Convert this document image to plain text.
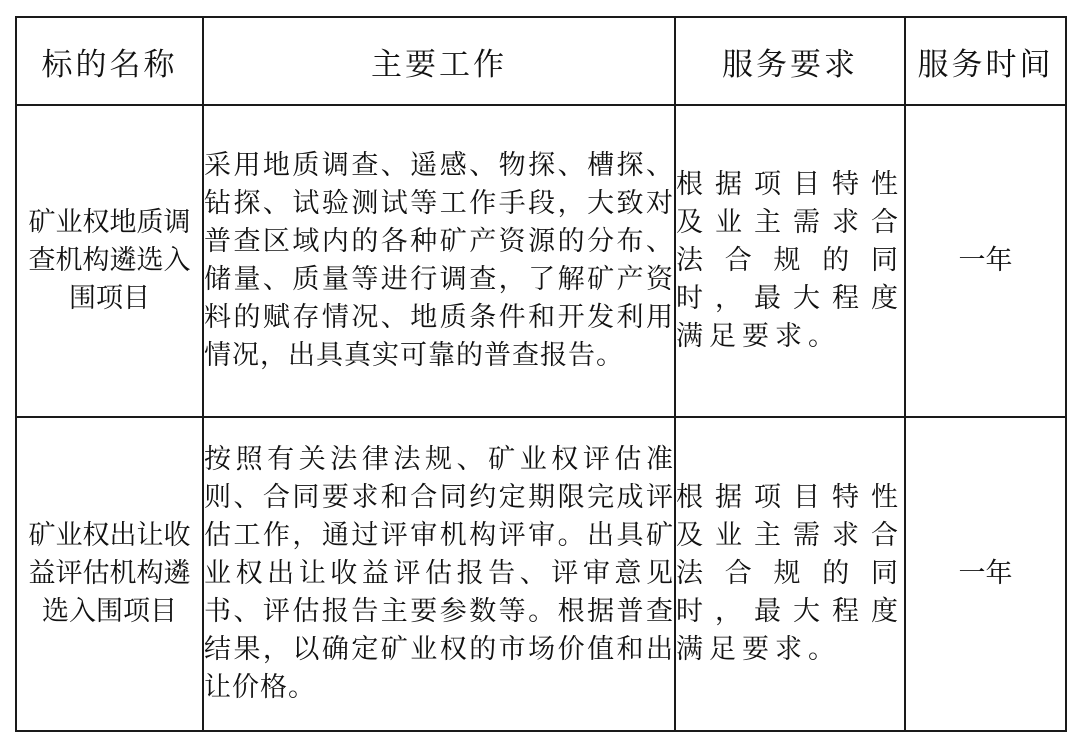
标的名称	主要工作	服务要求	服务时间
矿业权地质调查机构遴选入围项目	采用地质调查、遥感、物探、槽探、钻探、试验测试等工作手段，大致对普查区域内的各种矿产资源的分布、储量、质量等进行调查，了解矿产资料的赋存情况、地质条件和开发利用情况，出具真实可靠的普查报告。	根据项目特性及业主需求合法合规的同时，最大程度满足要求。	一年
矿业权出让收益评估机构遴选入围项目	按照有关法律法规、矿业权评估准则、合同要求和合同约定期限完成评估工作，通过评审机构评审。出具矿业权出让收益评估报告、评审意见书、评估报告主要参数等。根据普查结果，以确定矿业权的市场价值和出让价格。	根据项目特性及业主需求合法合规的同时，最大程度满足要求。	一年
